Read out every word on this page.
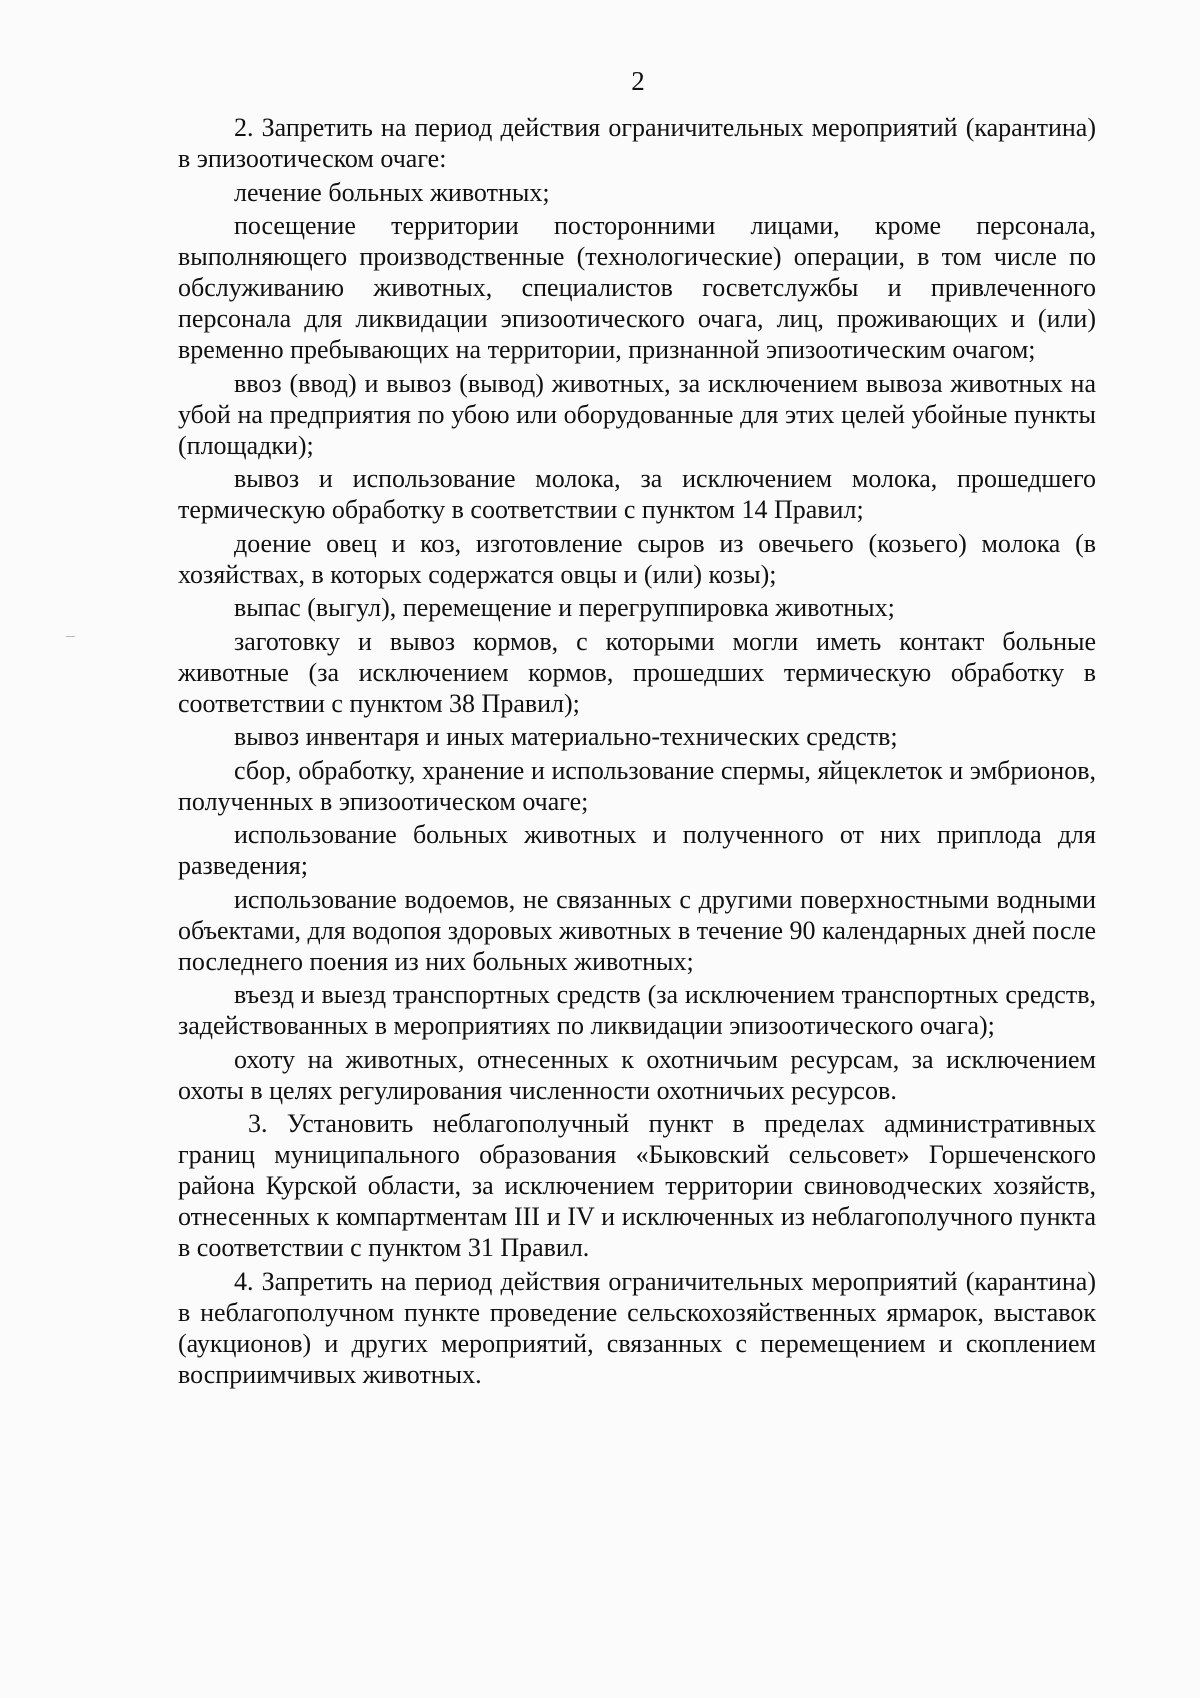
2

2. Запретить на период действия ограничительных мероприятий (карантина) в эпизоотическом очаге:

лечение больных животных;

посещение территории посторонними лицами, кроме персонала, выполняющего производственные (технологические) операции, в том числе по обслуживанию животных, специалистов госветслужбы и привлеченного персонала для ликвидации эпизоотического очага, лиц, проживающих и (или) временно пребывающих на территории, признанной эпизоотическим очагом;

ввоз (ввод) и вывоз (вывод) животных, за исключением вывоза животных на убой на предприятия по убою или оборудованные для этих целей убойные пункты (площадки);

вывоз и использование молока, за исключением молока, прошедшего термическую обработку в соответствии с пунктом 14 Правил;

доение овец и коз, изготовление сыров из овечьего (козьего) молока (в хозяйствах, в которых содержатся овцы и (или) козы);

выпас (выгул), перемещение и перегруппировка животных;

заготовку и вывоз кормов, с которыми могли иметь контакт больные животные (за исключением кормов, прошедших термическую обработку в соответствии с пунктом 38 Правил);

вывоз инвентаря и иных материально-технических средств;

сбор, обработку, хранение и использование спермы, яйцеклеток и эмбрионов, полученных в эпизоотическом очаге;

использование больных животных и полученного от них приплода для разведения;

использование водоемов, не связанных с другими поверхностными водными объектами, для водопоя здоровых животных в течение 90 календарных дней после последнего поения из них больных животных;

въезд и выезд транспортных средств (за исключением транспортных средств, задействованных в мероприятиях по ликвидации эпизоотического очага);

охоту на животных, отнесенных к охотничьим ресурсам, за исключением охоты в целях регулирования численности охотничьих ресурсов.

3. Установить неблагополучный пункт в пределах административных границ муниципального образования «Быковский сельсовет» Горшеченского района Курской области, за исключением территории свиноводческих хозяйств, отнесенных к компартментам III и IV и исключенных из неблагополучного пункта в соответствии с пунктом 31 Правил.

4. Запретить на период действия ограничительных мероприятий (карантина) в неблагополучном пункте проведение сельскохозяйственных ярмарок, выставок (аукционов) и других мероприятий, связанных с перемещением и скоплением восприимчивых животных.
